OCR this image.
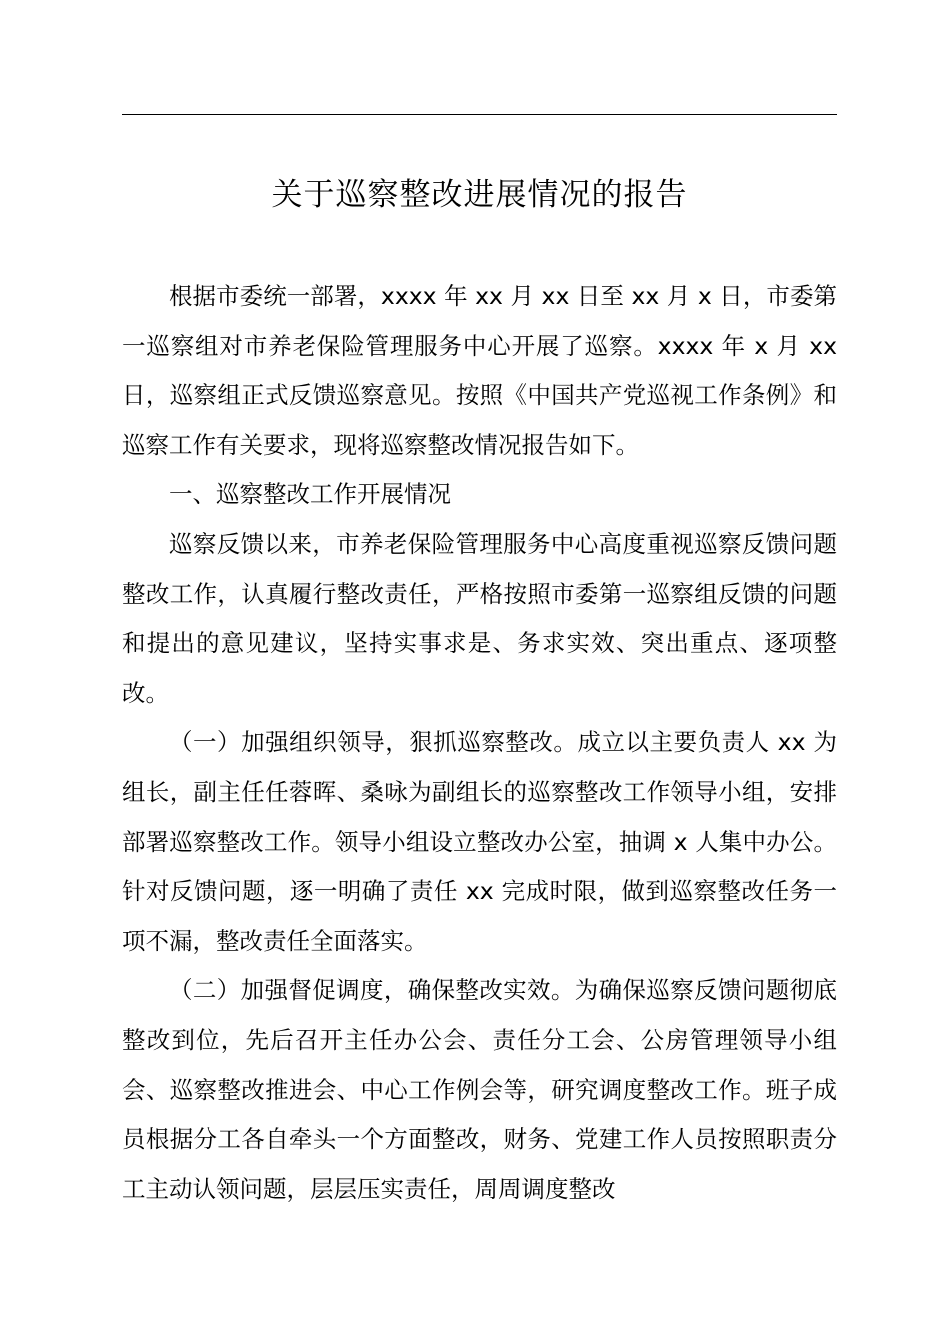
关于巡察整改进展情况的报告

根据市委统一部署，xxxx 年 xx 月 xx 日至 xx 月 x 日，市委第一巡察组对市养老保险管理服务中心开展了巡察。xxxx 年 x 月 xx 日，巡察组正式反馈巡察意见。按照《中国共产党巡视工作条例》和巡察工作有关要求，现将巡察整改情况报告如下。

一、巡察整改工作开展情况

巡察反馈以来，市养老保险管理服务中心高度重视巡察反馈问题整改工作，认真履行整改责任，严格按照市委第一巡察组反馈的问题和提出的意见建议，坚持实事求是、务求实效、突出重点、逐项整改。

（一）加强组织领导，狠抓巡察整改。成立以主要负责人 xx 为组长，副主任任蓉晖、桑咏为副组长的巡察整改工作领导小组，安排部署巡察整改工作。领导小组设立整改办公室，抽调 x 人集中办公。针对反馈问题，逐一明确了责任 xx 完成时限，做到巡察整改任务一项不漏，整改责任全面落实。

（二）加强督促调度，确保整改实效。为确保巡察反馈问题彻底整改到位，先后召开主任办公会、责任分工会、公房管理领导小组会、巡察整改推进会、中心工作例会等，研究调度整改工作。班子成员根据分工各自牵头一个方面整改，财务、党建工作人员按照职责分工主动认领问题，层层压实责任，周周调度整改
